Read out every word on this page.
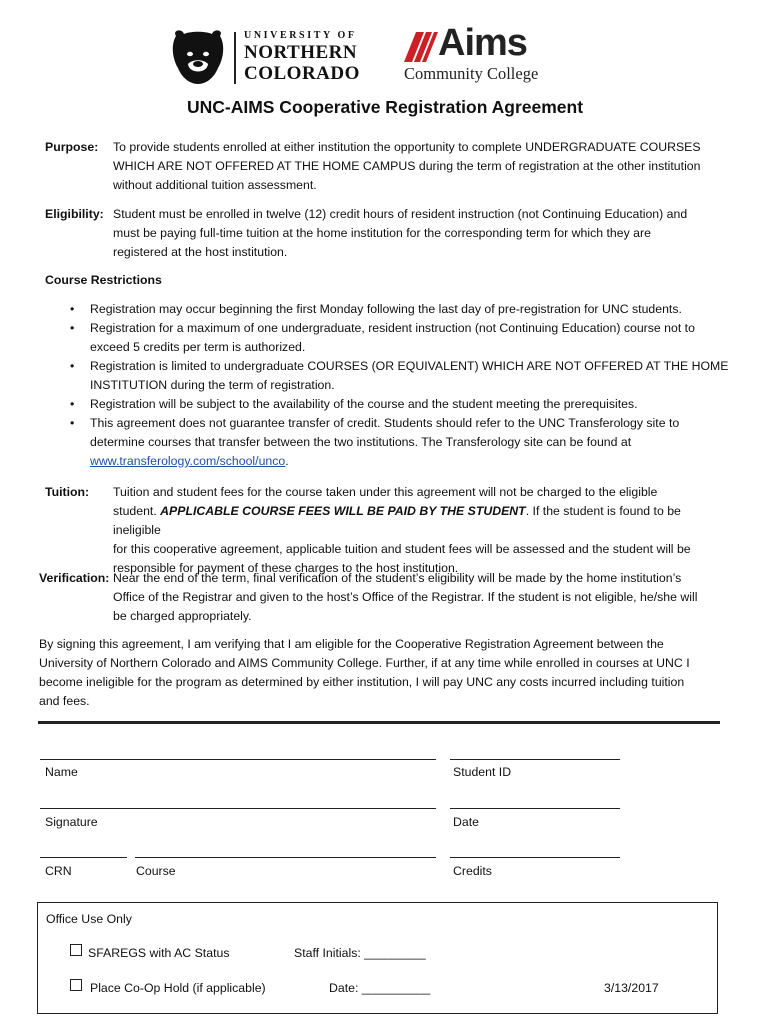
UNIVERSITY OF
NORTHERN
COLORADO
Aims
Community College
UNC-AIMS Cooperative Registration Agreement
Purpose: To provide students enrolled at either institution the opportunity to complete UNDERGRADUATE COURSES
WHICH ARE NOT OFFERED AT THE HOME CAMPUS during the term of registration at the other institution
without additional tuition assessment.
Eligibility: Student must be enrolled in twelve (12) credit hours of resident instruction (not Continuing Education) and
must be paying full-time tuition at the home institution for the corresponding term for which they are
registered at the host institution.
Course Restrictions
• Registration may occur beginning the first Monday following the last day of pre-registration for UNC students.
• Registration for a maximum of one undergraduate, resident instruction (not Continuing Education) course not to
exceed 5 credits per term is authorized.
• Registration is limited to undergraduate COURSES (OR EQUIVALENT) WHICH ARE NOT OFFERED AT THE HOME
INSTITUTION during the term of registration.
• Registration will be subject to the availability of the course and the student meeting the prerequisites.
• This agreement does not guarantee transfer of credit. Students should refer to the UNC Transferology site to
determine courses that transfer between the two institutions. The Transferology site can be found at
www.transferology.com/school/unco.
Tuition: Tuition and student fees for the course taken under this agreement will not be charged to the eligible
student. APPLICABLE COURSE FEES WILL BE PAID BY THE STUDENT. If the student is found to be ineligible
for this cooperative agreement, applicable tuition and student fees will be assessed and the student will be
responsible for payment of these charges to the host institution.
Verification: Near the end of the term, final verification of the student’s eligibility will be made by the home institution’s
Office of the Registrar and given to the host’s Office of the Registrar. If the student is not eligible, he/she will
be charged appropriately.
By signing this agreement, I am verifying that I am eligible for the Cooperative Registration Agreement between the
University of Northern Colorado and AIMS Community College. Further, if at any time while enrolled in courses at UNC I
become ineligible for the program as determined by either institution, I will pay UNC any costs incurred including tuition
and fees.
Name	Student ID
Signature	Date
CRN	Course	Credits
Office Use Only
SFAREGS with AC Status	Staff Initials: _________
Place Co-Op Hold (if applicable)	Date: __________	3/13/2017
